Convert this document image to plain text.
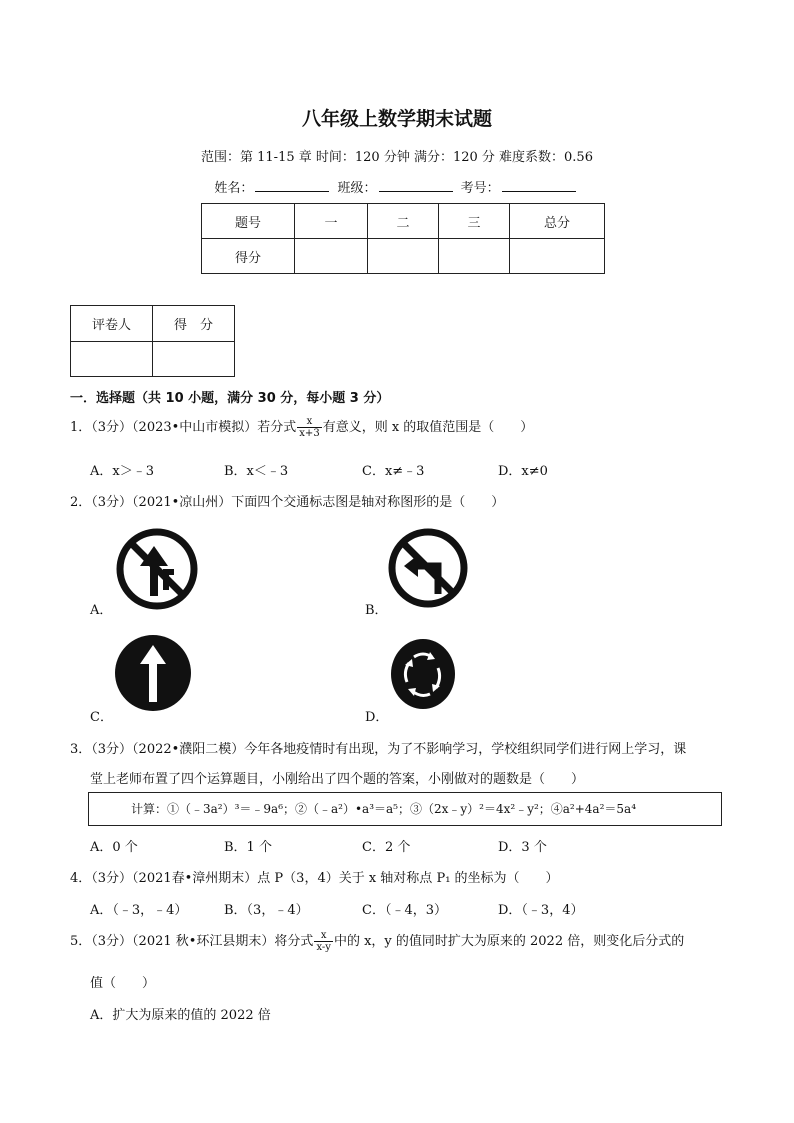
八年级上数学期末试题
范围：第 11-15 章 时间：120 分钟 满分：120 分 难度系数：0.56
姓名：	班级：	考号：
题号	一	二	三	总分
得分				
评卷人	得　分

一．选择题（共 10 小题，满分 30 分，每小题 3 分）
1．（3分）（2023•中山市模拟）若分式 $\frac{x}{x+3}$ 有意义，则 x 的取值范围是（　　）
A．x＞﹣3	B．x＜﹣3	C．x≠﹣3	D．x≠0
2．（3分）（2021•凉山州）下面四个交通标志图是轴对称图形的是（　　）
A．	B．
C．	D．
3．（3分）（2022•濮阳二模）今年各地疫情时有出现，为了不影响学习，学校组织同学们进行网上学习，课
堂上老师布置了四个运算题目，小刚给出了四个题的答案，小刚做对的题数是（　　）
计算：①（﹣3a²）³＝﹣9a⁶；②（﹣a²）•a³＝a⁵；③（2x﹣y）²＝4x²﹣y²；④a²+4a²＝5a⁴
A．0 个	B．1 个	C．2 个	D．3 个
4．（3分）（2021春•漳州期末）点 P（3，4）关于 x 轴对称点 P₁ 的坐标为（　　）
A．（﹣3，﹣4）	B．（3，﹣4）	C．（﹣4，3）	D．（﹣3，4）
5．（3分）（2021 秋•环江县期末）将分式 $\frac{x}{x-y}$ 中的 x，y 的值同时扩大为原来的 2022 倍，则变化后分式的
值（　　）
A．扩大为原来的值的 2022 倍
